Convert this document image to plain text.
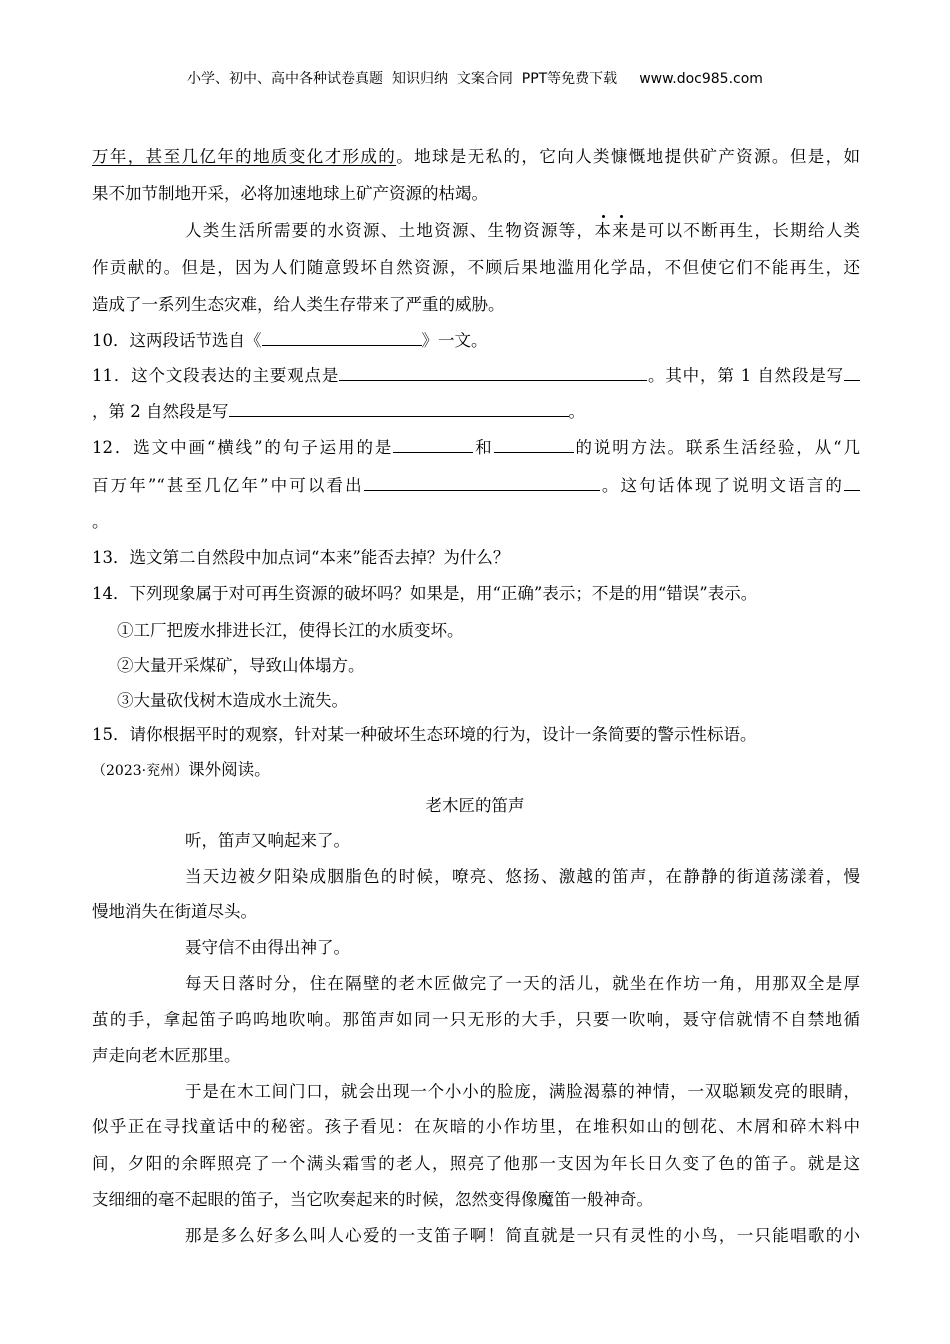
小学、初中、高中各种试卷真题  知识归纳  文案合同  PPT等免费下载 www.doc985.com
万年，甚至几亿年的地质变化才形成的。地球是无私的，它向人类慷慨地提供矿产资源。但是，如
果不加节制地开采，必将加速地球上矿产资源的枯竭。
人类生活所需要的水资源、土地资源、生物资源等，本来是可以不断再生，长期给人类
作贡献的。但是，因为人们随意毁坏自然资源，不顾后果地滥用化学品，不但使它们不能再生，还
造成了一系列生态灾难，给人类生存带来了严重的威胁。
10．这两段话节选自《	》一文。
11．这个文段表达的主要观点是	。其中，第 1 自然段是写
，第 2 自然段是写	。
12．选文中画“横线”的句子运用的是	和	的说明方法。联系生活经验，从“几
百万年”“甚至几亿年”中可以看出	。这句话体现了说明文语言的
。
13．选文第二自然段中加点词“本来”能否去掉？为什么？
14．下列现象属于对可再生资源的破坏吗？如果是，用“正确”表示；不是的用“错误”表示。
①工厂把废水排进长江，使得长江的水质变坏。
②大量开采煤矿，导致山体塌方。
③大量砍伐树木造成水土流失。
15．请你根据平时的观察，针对某一种破坏生态环境的行为，设计一条简要的警示性标语。
（2023·兖州）课外阅读。
老木匠的笛声
听，笛声又响起来了。
当天边被夕阳染成胭脂色的时候，嘹亮、悠扬、激越的笛声，在静静的街道荡漾着，慢
慢地消失在街道尽头。
聂守信不由得出神了。
每天日落时分，住在隔壁的老木匠做完了一天的活儿，就坐在作坊一角，用那双全是厚
茧的手，拿起笛子呜呜地吹响。那笛声如同一只无形的大手，只要一吹响，聂守信就情不自禁地循
声走向老木匠那里。
于是在木工间门口，就会出现一个小小的脸庞，满脸渴慕的神情，一双聪颖发亮的眼睛，
似乎正在寻找童话中的秘密。孩子看见：在灰暗的小作坊里，在堆积如山的刨花、木屑和碎木料中
间，夕阳的余晖照亮了一个满头霜雪的老人，照亮了他那一支因为年长日久变了色的笛子。就是这
支细细的毫不起眼的笛子，当它吹奏起来的时候，忽然变得像魔笛一般神奇。
那是多么好多么叫人心爱的一支笛子啊！简直就是一只有灵性的小鸟，一只能唱歌的小
